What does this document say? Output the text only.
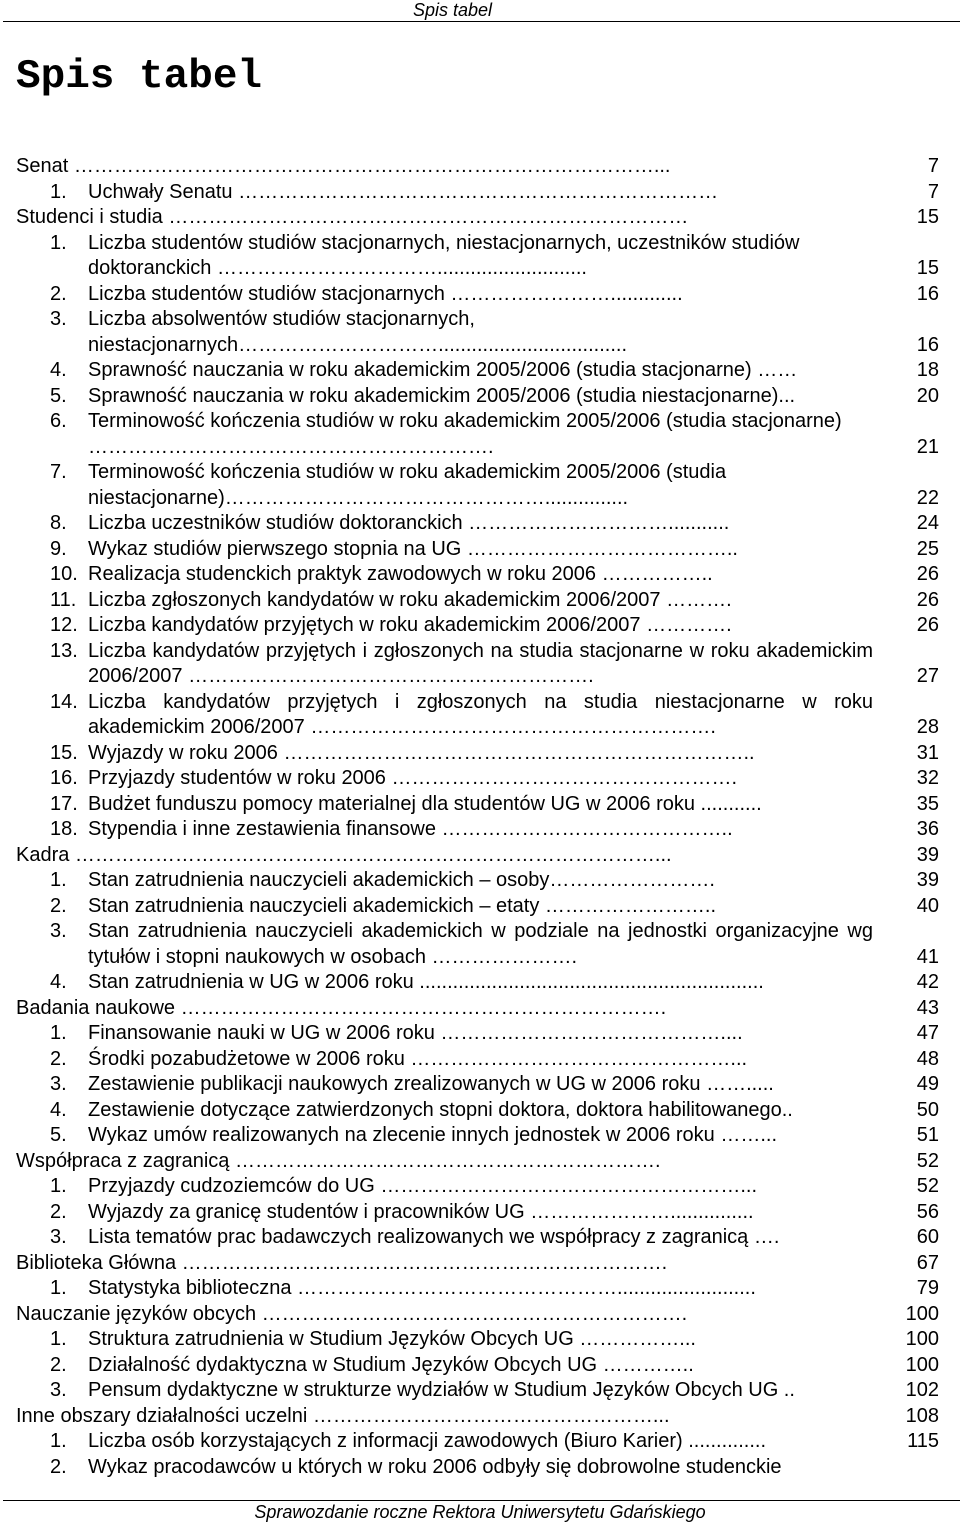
Spis tabel
Spis tabel
Senat ……………………………………………………………………………...	7
1.	Uchwały Senatu ………………………………………………………………	7
Studenci i studia ……………………………………………………………………	15
1.	Liczba studentów studiów stacjonarnych, niestacjonarnych, uczestników studiów doktoranckich ……………………………...........................	15
2.	Liczba studentów studiów stacjonarnych …………………….............	16
3.	Liczba absolwentów studiów stacjonarnych, niestacjonarnych…………………………..................................	16
4.	Sprawność nauczania w roku akademickim 2005/2006 (studia stacjonarne) ……	18
5.	Sprawność nauczania w roku akademickim 2005/2006 (studia niestacjonarne)...	20
6.	Terminowość kończenia studiów w roku akademickim 2005/2006 (studia stacjonarne) …………………………………………………….	21
7.	Terminowość kończenia studiów w roku akademickim 2005/2006 (studia niestacjonarne)…………………………………………...............	22
8.	Liczba uczestników studiów doktoranckich …………………………...........	24
9.	Wykaz studiów pierwszego stopnia na UG …………………………………..	25
10. Realizacja studenckich praktyk zawodowych w roku 2006 ……………..	26
11. Liczba zgłoszonych kandydatów w roku akademickim 2006/2007 ……….	26
12. Liczba kandydatów przyjętych w roku akademickim 2006/2007 ………….	26
13. Liczba kandydatów przyjętych i zgłoszonych na studia stacjonarne w roku akademickim 2006/2007 …………………………………………………….	27
14. Liczba kandydatów przyjętych i zgłoszonych na studia niestacjonarne w roku akademickim 2006/2007 …………………………………………………….	28
15. Wyjazdy w roku 2006 ……………………………………………………………..	31
16. Przyjazdy studentów w roku 2006 …………………………………………….	32
17. Budżet funduszu pomocy materialnej dla studentów UG w 2006 roku ...........	35
18. Stypendia i inne zestawienia finansowe ……………………………………..	36
Kadra ……………………………………………………………………………...	39
1.	Stan zatrudnienia nauczycieli akademickich – osoby…………………….	39
2.	Stan zatrudnienia nauczycieli akademickich – etaty ……………………..	40
3.	Stan zatrudnienia nauczycieli akademickich w podziale na jednostki organizacyjne wg tytułów i stopni naukowych w osobach ………………….	41
4.	Stan zatrudnienia w UG w 2006 roku ..............................................................	42
Badania naukowe ……………………………………………………………….	43
1.	Finansowanie nauki w UG w 2006 roku ……………………………………....	47
2.	Środki pozabudżetowe w 2006 roku …………………………………………...	48
3.	Zestawienie publikacji naukowych zrealizowanych w UG w 2006 roku …….....	49
4.	Zestawienie dotyczące zatwierdzonych stopni doktora, doktora habilitowanego..	50
5.	Wykaz umów realizowanych na zlecenie innych jednostek w 2006 roku ……...	51
Współpraca z zagranicą ……………………………………………………….	52
1.	Przyjazdy cudzoziemców do UG ………………………………………………...	52
2.	Wyjazdy za granicę studentów i pracowników UG …………………...............	56
3.	Lista tematów prac badawczych realizowanych we współpracy z zagranicą ….	60
Biblioteka Główna ……………………………………………………………….	67
1.	Statystyka biblioteczna ………………………………………….........................	79
Nauczanie języków obcych ……………………………………………………….	100
1.	Struktura zatrudnienia w Studium Języków Obcych UG ……………...	100
2.	Działalność dydaktyczna w Studium Języków Obcych UG …………..	100
3.	Pensum dydaktyczne w strukturze wydziałów w Studium Języków Obcych UG ..	102
Inne obszary działalności uczelni ……………………………………………...	108
1.	Liczba osób korzystających z informacji zawodowych (Biuro Karier) ..............	115
2.	Wykaz pracodawców u których w roku 2006 odbyły się dobrowolne studenckie
Sprawozdanie roczne Rektora Uniwersytetu Gdańskiego
